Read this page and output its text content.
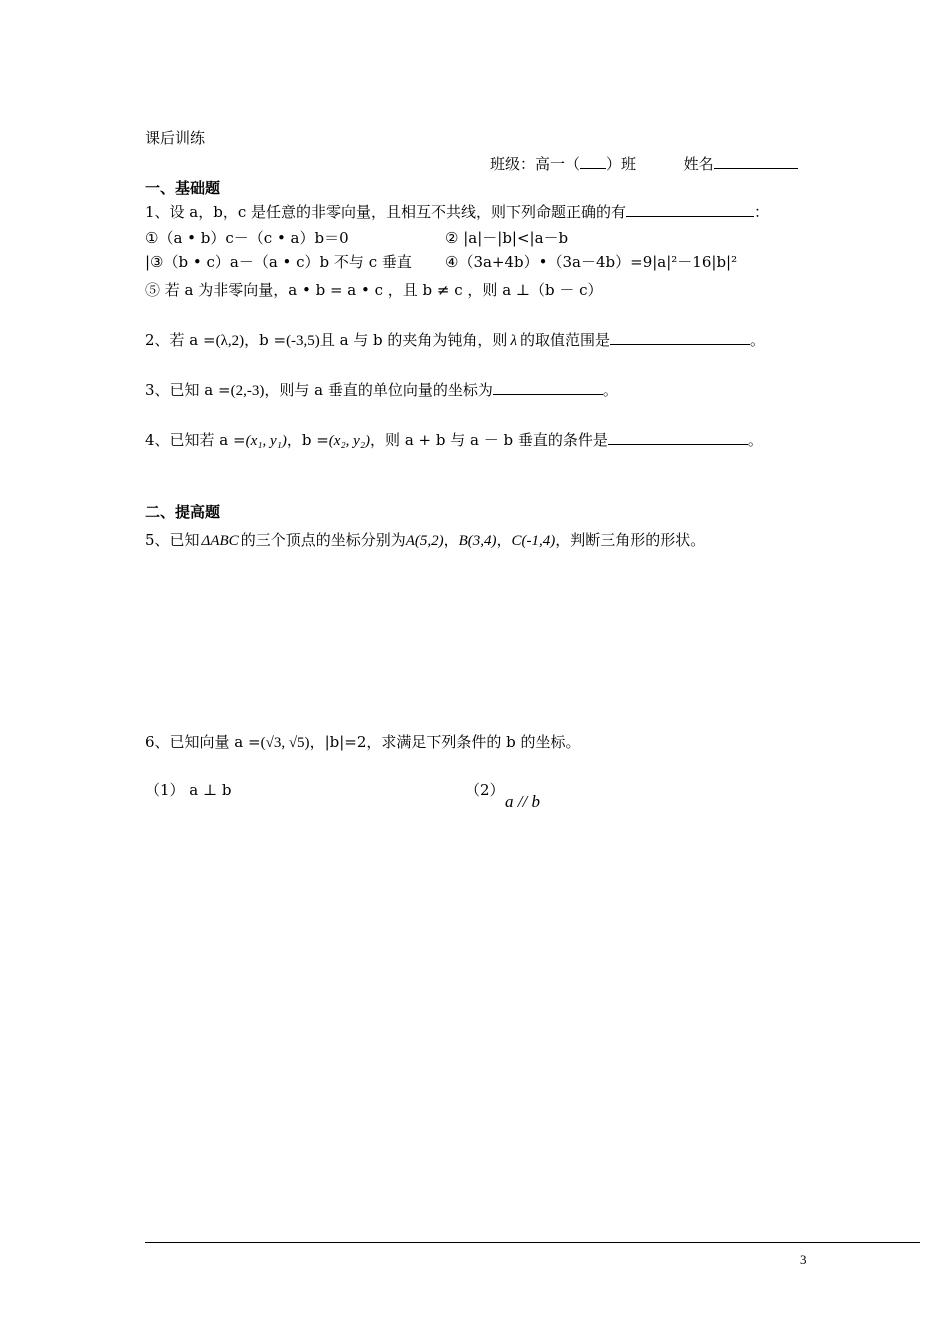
课后训练
班级：高一（ ）班	姓名
一、基础题
1、设 a，b，c 是任意的非零向量，且相互不共线，则下列命题正确的有	：
①（a • b）c－（c • a）b＝0	② |a|－|b|<|a－b
|③（b • c）a－（a • c）b 不与 c 垂直 ④（3a+4b）•（3a－4b）=9|a|²－16|b|²
⑤ 若 a 为非零向量，a • b = a • c ，且 b ≠ c ，则 a ⊥（b － c）
2、若 a =(λ,2)，b =(-3,5)且 a 与 b 的夹角为钝角，则 λ 的取值范围是	。
3、已知 a =(2,-3)，则与 a 垂直的单位向量的坐标为	。
4、已知若 a =(x₁, y₁)，b =(x₂, y₂)，则 a + b 与 a － b 垂直的条件是	。
二、提高题
5、已知 ΔABC 的三个顶点的坐标分别为A(5,2)，B(3,4)，C(-1,4)，判断三角形的形状。
6、已知向量 a =(√3, √5)，|b|=2，求满足下列条件的 b 的坐标。
（1） a ⊥ b	（2）
a // b
3
